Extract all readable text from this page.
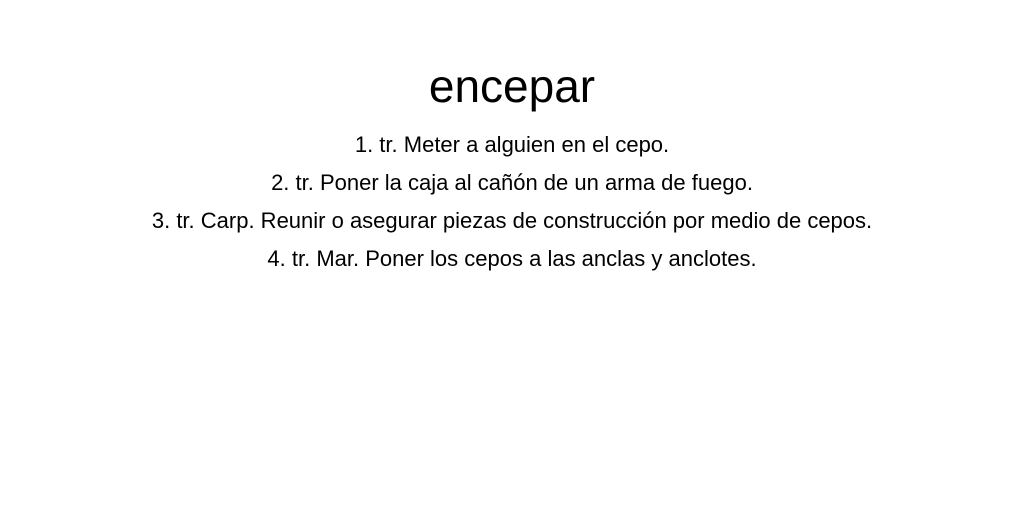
encepar
1. tr. Meter a alguien en el cepo.
2. tr. Poner la caja al cañón de un arma de fuego.
3. tr. Carp. Reunir o asegurar piezas de construcción por medio de cepos.
4. tr. Mar. Poner los cepos a las anclas y anclotes.
